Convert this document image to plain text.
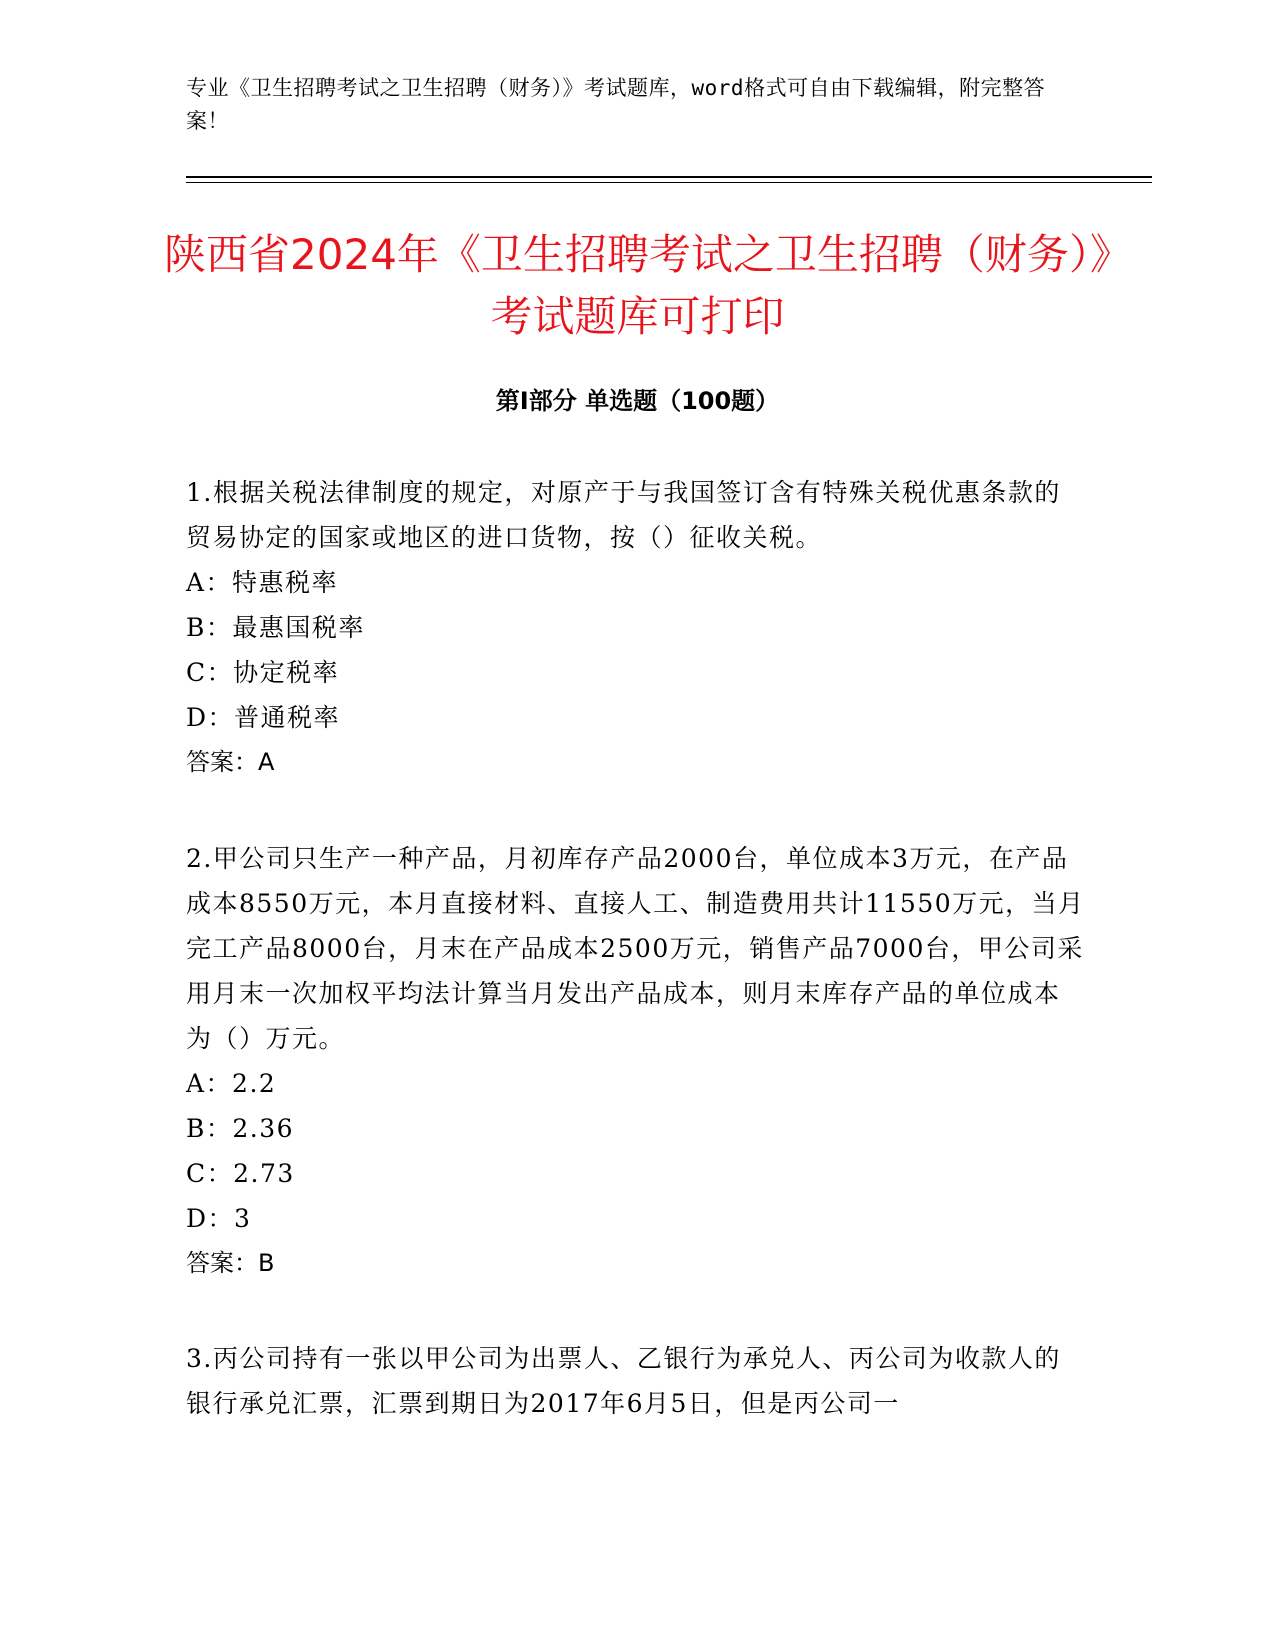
专业《卫生招聘考试之卫生招聘（财务）》考试题库，word格式可自由下载编辑，附完整答案！

陕西省2024年《卫生招聘考试之卫生招聘（财务）》考试题库可打印
第Ⅰ部分 单选题（100题）

1.根据关税法律制度的规定，对原产于与我国签订含有特殊关税优惠条款的贸易协定的国家或地区的进口货物，按（）征收关税。

A：特惠税率

B：最惠国税率

C：协定税率

D：普通税率

答案：A

2.甲公司只生产一种产品，月初库存产品2000台，单位成本3万元，在产品成本8550万元，本月直接材料、直接人工、制造费用共计11550万元，当月完工产品8000台，月末在产品成本2500万元，销售产品7000台，甲公司采用月末一次加权平均法计算当月发出产品成本，则月末库存产品的单位成本为（）万元。

A：2.2

B：2.36

C：2.73

D：3

答案：B

3.丙公司持有一张以甲公司为出票人、乙银行为承兑人、丙公司为收款人的银行承兑汇票，汇票到期日为2017年6月5日，但是丙公司一
